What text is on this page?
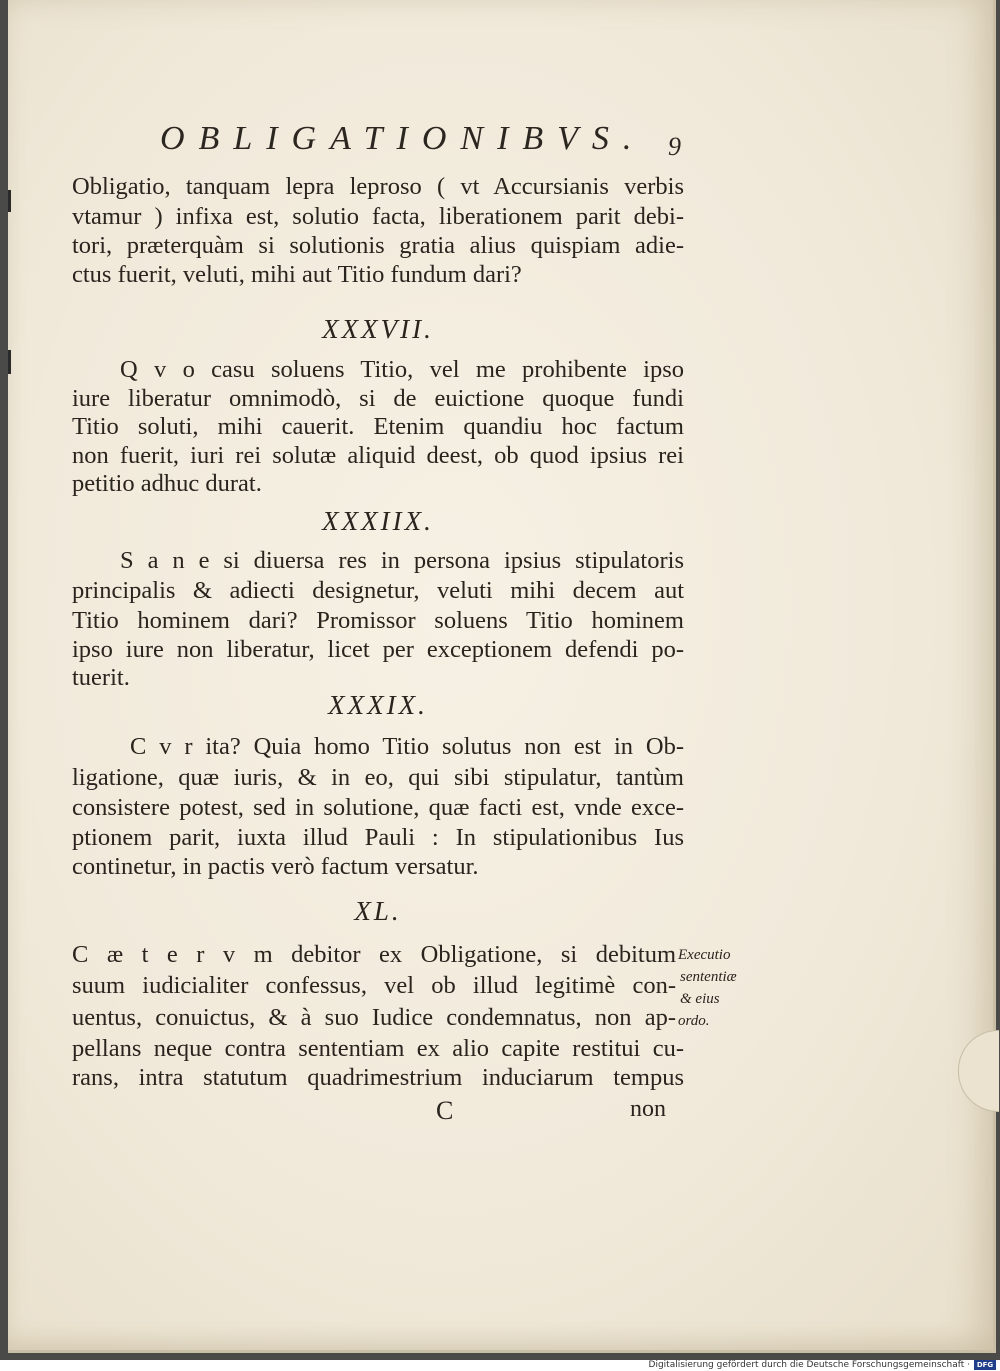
OBLIGATIONIBVS. 9
Obligatio, tanquam lepra leproso ( vt Accursianis verbis
vtamur ) infixa est, solutio facta, liberationem parit debi-
tori, præterquàm si solutionis gratia alius quispiam adie-
ctus fuerit, veluti, mihi aut Titio fundum dari?
XXXVII.
Q v o casu soluens Titio, vel me prohibente ipso
iure liberatur omnimodò, si de euictione quoque fundi
Titio soluti, mihi cauerit. Etenim quandiu hoc factum
non fuerit, iuri rei solutæ aliquid deest, ob quod ipsius rei
petitio adhuc durat.
XXXIIX.
S a n e si diuersa res in persona ipsius stipulatoris
principalis & adiecti designetur, veluti mihi decem aut
Titio hominem dari? Promissor soluens Titio hominem
ipso iure non liberatur, licet per exceptionem defendi po-
tuerit.
XXXIX.
C v r ita? Quia homo Titio solutus non est in Ob-
ligatione, quæ iuris, & in eo, qui sibi stipulatur, tantùm
consistere potest, sed in solutione, quæ facti est, vnde exce-
ptionem parit, iuxta illud Pauli : In stipulationibus Ius
continetur, in pactis verò factum versatur.
XL.
C æ t e r v m debitor ex Obligatione, si debitum
suum iudicialiter confessus, vel ob illud legitimè con-
uentus, conuictus, & à suo Iudice condemnatus, non ap-
pellans neque contra sententiam ex alio capite restitui cu-
rans, intra statutum quadrimestrium induciarum tempus
Executio
sententiæ
& eius
ordo.
C	non
Digitalisierung gefördert durch die Deutsche Forschungsgemeinschaft · DFG
